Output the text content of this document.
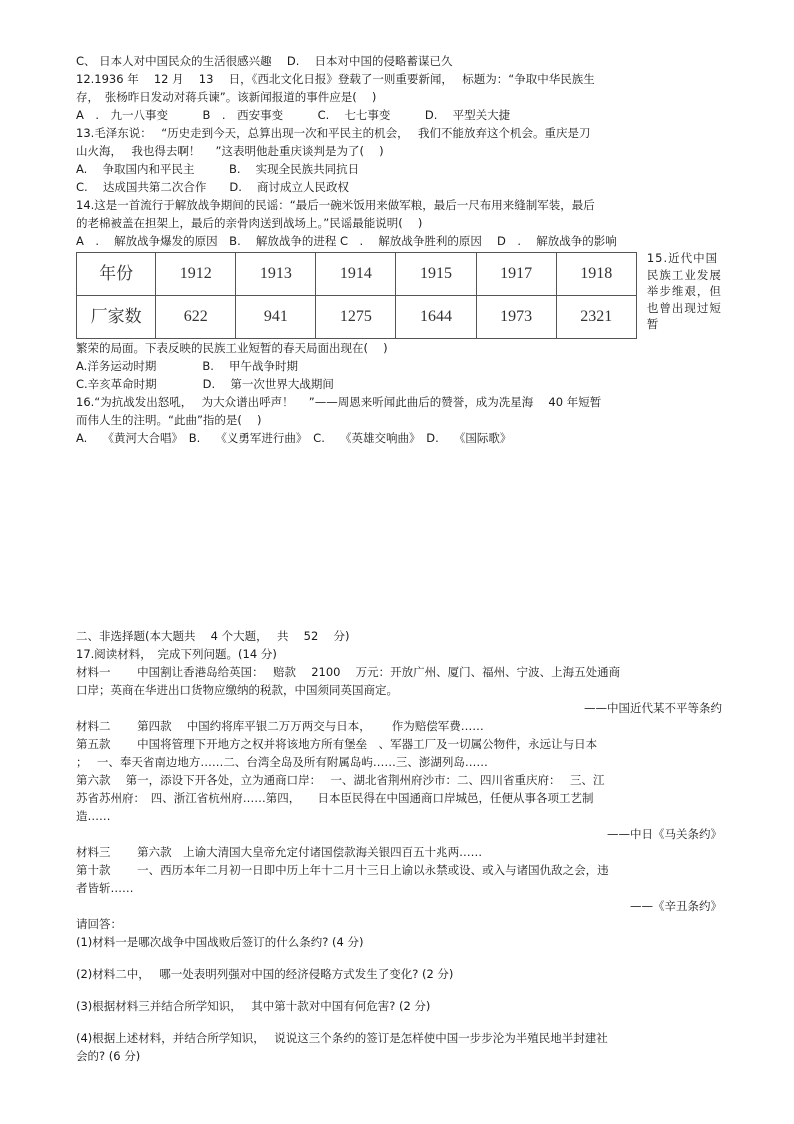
C、 日本人对中国民众的生活很感兴趣　 D.　 日本对中国的侵略蓄谋已久
12.1936 年　 12 月　 13　 日，《西北文化日报》登载了一则重要新闻，　 标题为：“争取中华民族生
存，　张杨昨日发动对蒋兵谏”。该新闻报道的事件应是(　 )
A　.　九一八事变　　　B　.　西安事变　　　C.　 七七事变　　　D.　 平型关大捷
13.毛泽东说：　 “历史走到今天，总算出现一次和平民主的机会，　 我们不能放弃这个机会。重庆是刀
山火海，　 我也得去啊！　 ”这表明他赴重庆谈判是为了(　 )
A.　 争取国内和平民主　　　B.　 实现全民族共同抗日
C.　 达成国共第二次合作　　D.　 商讨成立人民政权
14.这是一首流行于解放战争期间的民谣：“最后一碗米饭用来做军粮，最后一尺布用来缝制军装，最后
的老棉被盖在担架上，最后的亲骨肉送到战场上。”民谣最能说明(　 )
A　.　 解放战争爆发的原因　B.　 解放战争的进程 C　.　 解放战争胜利的原因　 D　.　 解放战争的影响
年份	1912	1913	1914	1915	1917	1918
厂家数	622	941	1275	1644	1973	2321
15.近代中国民族工业发展举步维艰，但也曾出现过短暂
繁荣的局面。下表反映的民族工业短暂的春天局面出现在(　 )
A.洋务运动时期　　　　B.　 甲午战争时期
C.辛亥革命时期　　　　D.　 第一次世界大战期间
16.“为抗战发出怒吼，　 为大众谱出呼声！　 ”——周恩来听闻此曲后的赞誉，成为冼星海　 40 年短暂
而伟人生的注明。“此曲”指的是(　 )
A.　 《黄河大合唱》　B.　 《义勇军进行曲》　C.　 《英雄交响曲》　D.　 《国际歌》
二、非选择题(本大题共　 4 个大题，　 共　 52　 分)
17.阅读材料，　完成下列问题。(14 分)
材料一　　 中国割让香港岛给英国：　 赔款　 2100　 万元：开放广州、厦门、福州、宁波、上海五处通商
口岸；英商在华进出口货物应缴纳的税款，中国须同英国商定。
——中国近代某不平等条约
材料二　　 第四款　 中国约将库平银二万万两交与日本，　　 作为赔偿军费……
第五款　　 中国将管理下开地方之权并将该地方所有堡垒　、军器工厂及一切属公物件，永远让与日本
；　 一、奉天省南边地方……二、台湾全岛及所有附属岛屿……三、澎湖列岛……
第六款　 第一，添设下开各处，立为通商口岸：　 一、湖北省荆州府沙市：二、四川省重庆府：　 三、江
苏省苏州府：　四、浙江省杭州府……第四，　　日本臣民得在中国通商口岸城邑，任便从事各项工艺制
造……
——中日《马关条约》
材料三　　 第六款　上谕大清国大皇帝允定付诸国偿款海关银四百五十兆两……
第十款　　 一、西历本年二月初一日即中历上年十二月十三日上谕以永禁或设、或入与诸国仇敌之会，违
者皆斩……
——《辛丑条约》
请回答：
(1)材料一是哪次战争中国战败后签订的什么条约? (4 分)
(2)材料二中，　 哪一处表明列强对中国的经济侵略方式发生了变化? (2 分)
(3)根据材料三并结合所学知识，　 其中第十款对中国有何危害? (2 分)
(4)根据上述材料，并结合所学知识，　 说说这三个条约的签订是怎样使中国一步步沦为半殖民地半封建社
会的? (6 分)
